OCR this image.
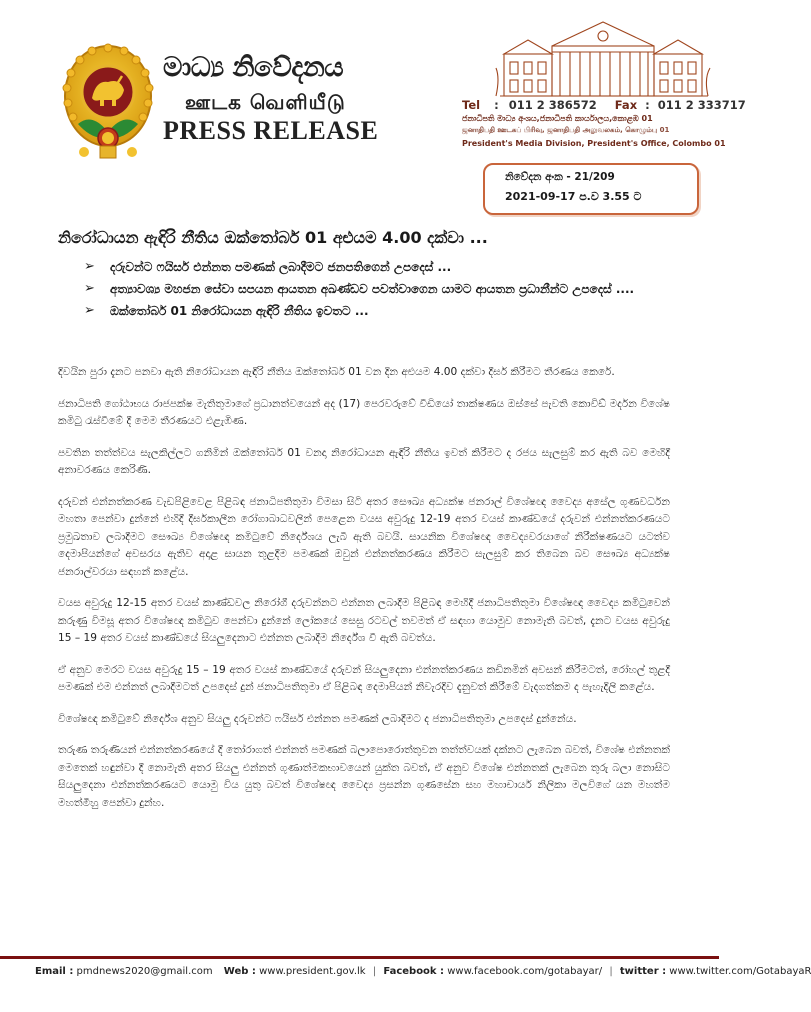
මාධ්‍ය නිවේදනය
ஊடக வெளியீடு
PRESS RELEASE
Tel : 011 2 386572 Fax : 011 2 333717
ජනාධිපති මාධ්‍ය අංශය,ජනාධිපති කාර්යාලය,කොළඹ 01
ஜனாதிபதி ஊடகப் பிரிவு, ஜனாதிபதி அலுவலகம், கொழும்பு 01
President's Media Division, President's Office, Colombo 01
නිවේදන අංක - 21/209
2021-09-17 ප.ව 3.55 ට
නිරෝධායන ඇඳිරි නීතිය ඔක්තෝබර් 01 අළුයම 4.00 දක්වා ...
➢ දරුවන්ට ෆයිසර් එන්නත පමණක් ලබාදීමට ජනපතිගෙන් උපදෙස් ...
➢ අත්‍යාවශ්‍ය මහජන සේවා සපයන ආයතන අඛණ්ඩව පවත්වාගෙන යාමට ආයතන ප්‍රධානීන්ට උපදෙස් ....
➢ ඔක්තෝබර් 01 නිරෝධායන ඇඳිරි නීතිය ඉවතට ...

දිවයින පුරා දැනට පනවා ඇති නිරෝධායන ඇඳිරි නීතිය ඔක්තෝබර් 01 වන දින අළුයම 4.00 දක්වා දීර්ඝ කිරීමට තීරණය කෙරේ.

ජනාධිපති ගෝඨාභය රාජපක්ෂ මැතිතුමාගේ ප්‍රධානත්වයෙන් අද (17) පෙරවරුවේ වීඩියෝ තාක්ෂණය ඔස්සේ පැවති කොවිඩ් මර්දන විශේෂ කමිටු රැස්වීමේ දී මෙම තීරණයට එළැඹිණ.

පවතින තත්ත්වය සැලකිල්ලට ගනිමින් ඔක්තෝබර් 01 වනදා නිරෝධායන ඇඳිරි නීතිය ඉවත් කිරීමට ද රජය සැලසුම් කර ඇති බව මෙහිදී අනාවරණය කෙරිණි.

දරුවන් එන්නත්කරණ වැඩපිළිවෙළ පිළිබඳ ජනාධිපතිතුමා විමසා සිටි අතර සෞඛ්‍ය අධ්‍යක්ෂ ජනරාල් විශේෂඥ වෛද්‍ය අසේල ගුණවර්ධන මහතා පෙන්වා දුන්නේ එහිදී දීර්ඝකාලීන රෝගාබාධවලින් පෙළෙන වයස අවුරුදු 12-19 අතර වයස් කාණ්ඩයේ දරුවන් එන්නත්කරණයට ප්‍රමුඛතාව ලබාදීමට සෞඛ්‍ය විශේෂඥ කමිටුවේ නිර්දේශය ලැබී ඇති බවයි. සායනික විශේෂඥ වෛද්‍යවරයාගේ නිරීක්ෂණයට යටත්ව දෙමාපියන්ගේ අවසරය ඇතිව අදාළ සායන තුළදීම පමණක් ඔවුන් එන්නත්කරණය කිරීමට සැලසුම් කර තිබෙන බව සෞඛ්‍ය අධ්‍යක්ෂ ජනරාල්වරයා සඳහන් කළේය.

වයස අවුරුදු 12-15 අතර වයස් කාණ්ඩවල නිරෝගී දරුවන්නට එන්නත ලබාදීම පිළිබඳ මෙහිදී ජනාධිපතිතුමා විශේෂඥ වෛද්‍ය කමිටුවෙන් කරුණු විමසූ අතර විශේෂඥ කමිටුව පෙන්වා දුන්නේ ලෝකයේ සෙසු රටවල් තවමත් ඒ සඳහා යොමුව නොමැති බවත්, දැනට වයස අවුරුදු 15 – 19 අතර වයස් කාණ්ඩයේ සියලුදෙනාට එන්නත ලබාදීම නිර්දේශ වී ඇති බවත්ය.

ඒ අනුව මෙරට වයස අවුරුදු 15 – 19 අතර වයස් කාණ්ඩයේ දරුවන් සියලුදෙනා එන්නත්කරණය කඩිනමින් අවසන් කිරීමටත්, රෝහල් තුළදී පමණක් එම එන්නත් ලබාදීමටත් උපදෙස් දුන් ජනාධිපතිතුමා ඒ පිළිබඳ දෙමාපියන් නිවැරදිව දැනුවත් කිරීමේ වැදගත්කම ද පැහැදිලි කළේය.

විශේෂඥ කමිටුවේ නිර්දේශ අනුව සියලු දරුවන්ට ෆයිසර් එන්නත පමණක් ලබාදීමට ද ජනාධිපතිතුමා උපදෙස් දුන්නේය.

තරුණ තරුණියන් එන්නත්කරණයේ දී තෝරාගත් එන්නත් පමණක් බලාපොරොත්තුවන තත්ත්වයක් දක්නට ලැබෙන බවත්, විශේෂ එන්නතක් මෙතෙක් හඳුන්වා දී නොමැති අතර සියලු එන්නත් ගුණාත්මකභාවයෙන් යුක්ත බවත්, ඒ අනුව විශේෂ එන්නතක් ලැබෙන තුරු බලා නොසිට සියලුදෙනා එන්නත්කරණයට යොමු විය යුතු බවත් විශේෂඥ වෛද්‍ය ප්‍රසන්න ගුණසේන සහ මහාචාර්ය නිලිකා මලවිගේ යන මහත්ම මහත්මීහු පෙන්වා දුන්හ.

Email : pmdnews2020@gmail.com Web : www.president.gov.lk | Facebook : www.facebook.com/gotabayar/ | twitter : www.twitter.com/GotabayaR
